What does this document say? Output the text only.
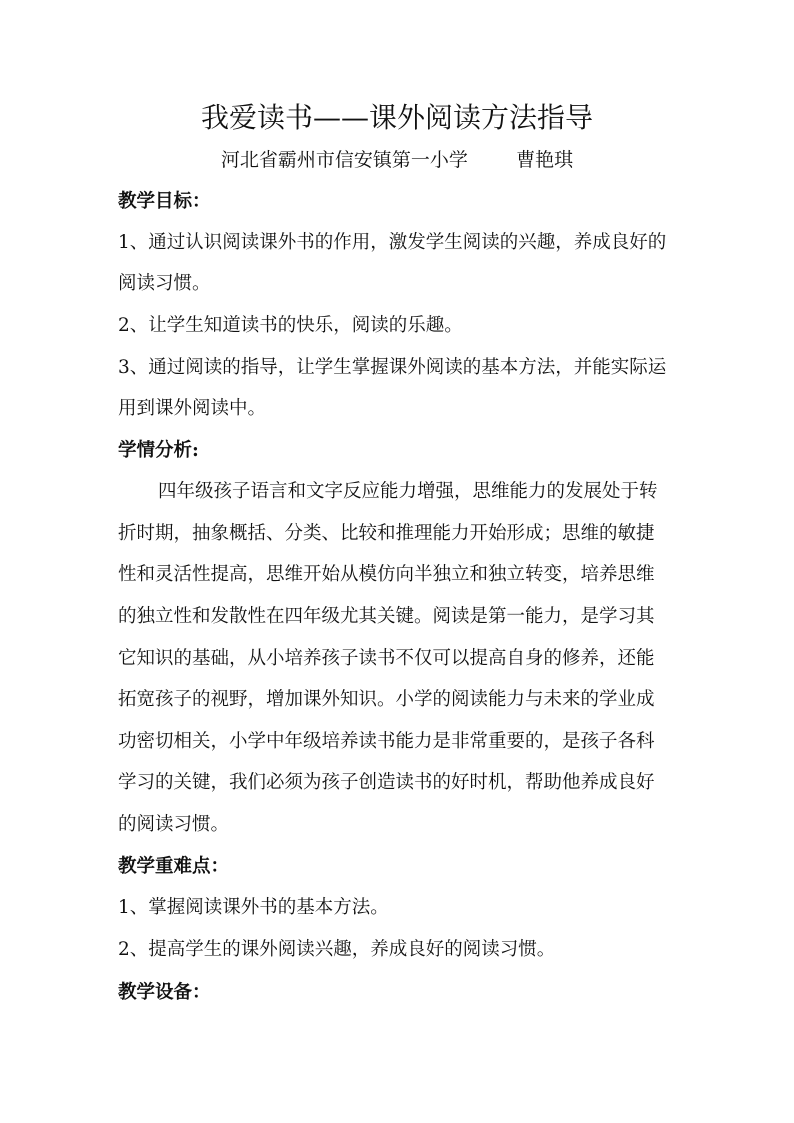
我爱读书——课外阅读方法指导
河北省霸州市信安镇第一小学        曹艳琪
教学目标：
1、通过认识阅读课外书的作用，激发学生阅读的兴趣，养成良好的
阅读习惯。
2、让学生知道读书的快乐，阅读的乐趣。
3、通过阅读的指导，让学生掌握课外阅读的基本方法，并能实际运
用到课外阅读中。
学情分析:
四年级孩子语言和文字反应能力增强，思维能力的发展处于转
折时期，抽象概括、分类、比较和推理能力开始形成；思维的敏捷
性和灵活性提高，思维开始从模仿向半独立和独立转变，培养思维
的独立性和发散性在四年级尤其关键。阅读是第一能力，是学习其
它知识的基础，从小培养孩子读书不仅可以提高自身的修养，还能
拓宽孩子的视野，增加课外知识。小学的阅读能力与未来的学业成
功密切相关，小学中年级培养读书能力是非常重要的，是孩子各科
学习的关键，我们必须为孩子创造读书的好时机，帮助他养成良好
的阅读习惯。
教学重难点：
1、掌握阅读课外书的基本方法。
2、提高学生的课外阅读兴趣，养成良好的阅读习惯。
教学设备：
